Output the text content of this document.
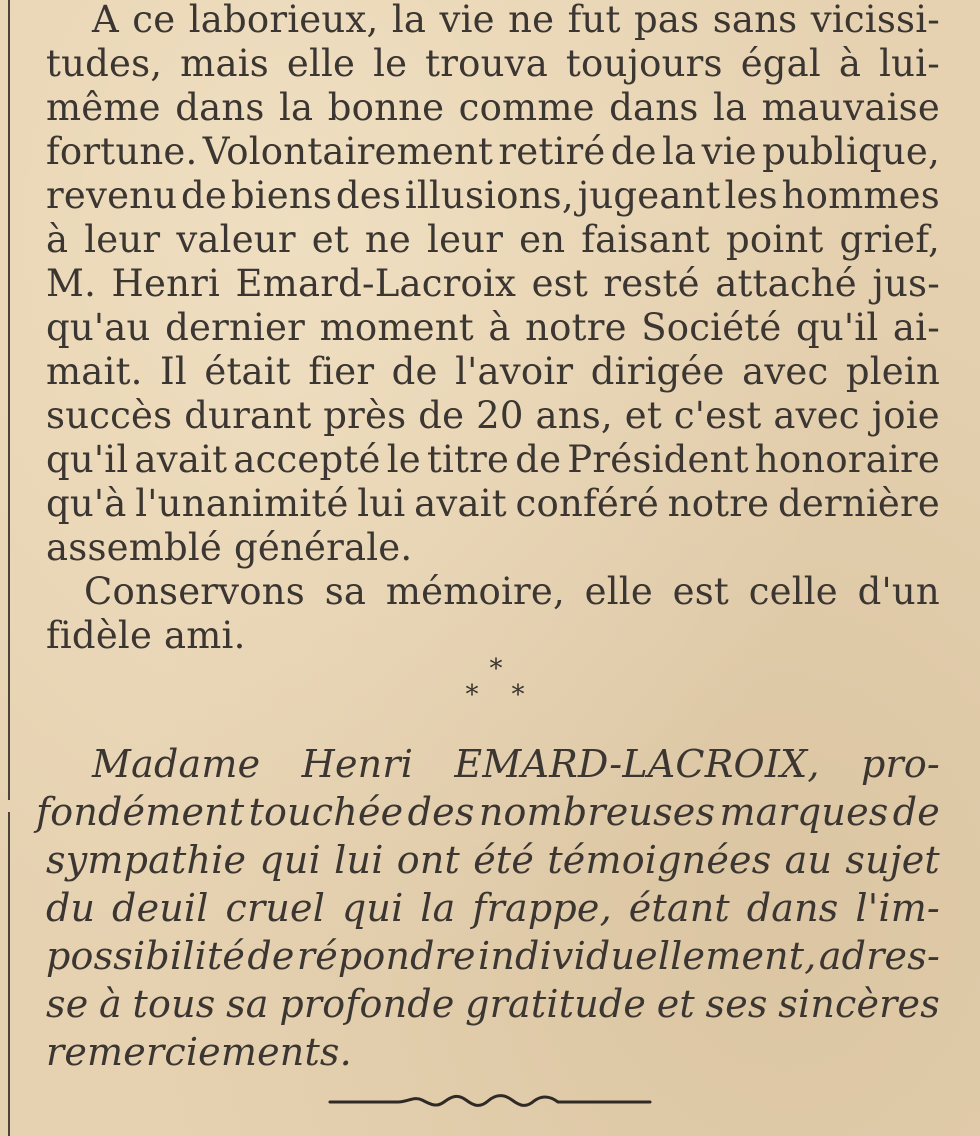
A ce laborieux, la vie ne fut pas sans vicissi-
tudes, mais elle le trouva toujours égal à lui-
même dans la bonne comme dans la mauvaise
fortune. Volontairement retiré de la vie publique,
revenu de biens des illusions, jugeant les hommes
à leur valeur et ne leur en faisant point grief,
M. Henri Emard-Lacroix est resté attaché jus-
qu'au dernier moment à notre Société qu'il ai-
mait. Il était fier de l'avoir dirigée avec plein
succès durant près de 20 ans, et c'est avec joie
qu'il avait accepté le titre de Président honoraire
qu'à l'unanimité lui avait conféré notre dernière
assemblé générale.
Conservons sa mémoire, elle est celle d'un
fidèle ami.
*
* *
Madame Henri EMARD-LACROIX, pro-
fondément touchée des nombreuses marques de
sympathie qui lui ont été témoignées au sujet
du deuil cruel qui la frappe, étant dans l'im-
possibilité de répondre individuellement, adres-
se à tous sa profonde gratitude et ses sincères
remerciements.
